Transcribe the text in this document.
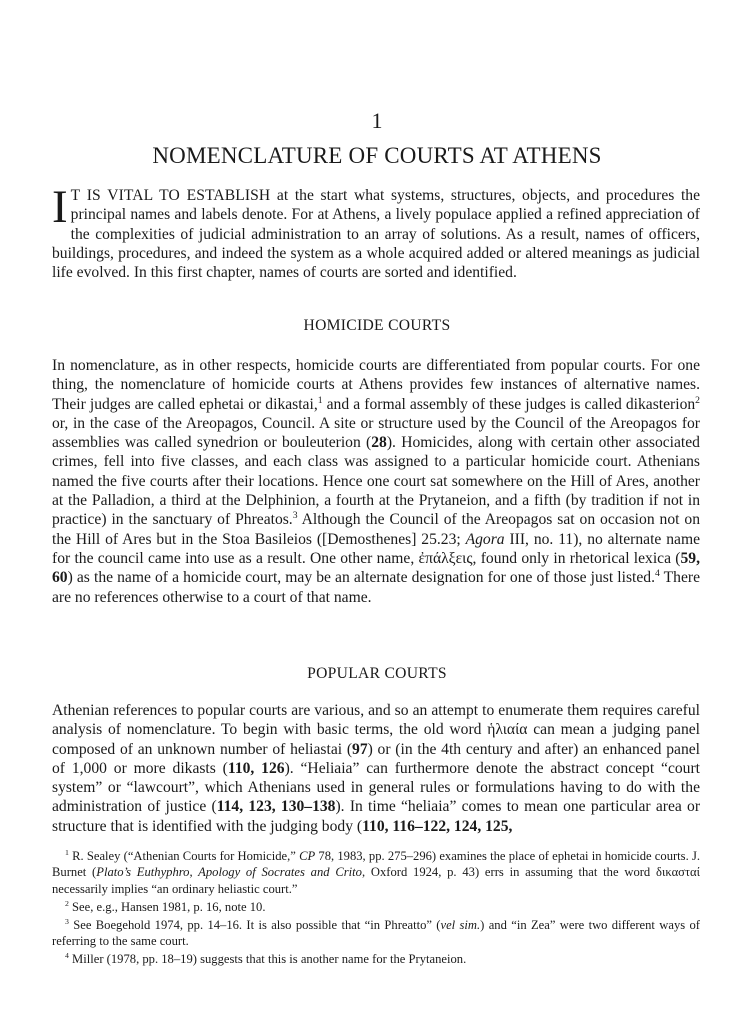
1
NOMENCLATURE OF COURTS AT ATHENS
I T IS VITAL TO ESTABLISH at the start what systems, structures, objects, and procedures the principal names and labels denote. For at Athens, a lively populace applied a refined appreciation of the complexities of judicial administration to an array of solutions. As a result, names of officers, buildings, procedures, and indeed the system as a whole acquired added or altered meanings as judicial life evolved. In this first chapter, names of courts are sorted and identified.
HOMICIDE COURTS
In nomenclature, as in other respects, homicide courts are differentiated from popular courts. For one thing, the nomenclature of homicide courts at Athens provides few instances of alternative names. Their judges are called ephetai or dikastai,$^1$ and a formal assembly of these judges is called dikasterion$^2$ or, in the case of the Areopagos, Council. A site or structure used by the Council of the Areopagos for assemblies was called synedrion or bouleuterion (28). Homicides, along with certain other associated crimes, fell into five classes, and each class was assigned to a particular homicide court. Athenians named the five courts after their locations. Hence one court sat somewhere on the Hill of Ares, another at the Palladion, a third at the Delphinion, a fourth at the Prytaneion, and a fifth (by tradition if not in practice) in the sanctuary of Phreatos.$^3$ Although the Council of the Areopagos sat on occasion not on the Hill of Ares but in the Stoa Basileios ([Demosthenes] 25.23; Agora III, no. 11), no alternate name for the council came into use as a result. One other name, ἐπάλξεις, found only in rhetorical lexica (59, 60) as the name of a homicide court, may be an alternate designation for one of those just listed.$^4$ There are no references otherwise to a court of that name.
POPULAR COURTS
Athenian references to popular courts are various, and so an attempt to enumerate them requires careful analysis of nomenclature. To begin with basic terms, the old word ἡλιαία can mean a judging panel composed of an unknown number of heliastai (97) or (in the 4th century and after) an enhanced panel of 1,000 or more dikasts (110, 126). “Heliaia” can furthermore denote the abstract concept “court system” or “lawcourt”, which Athenians used in general rules or formulations having to do with the administration of justice (114, 123, 130–138). In time “heliaia” comes to mean one particular area or structure that is identified with the judging body (110, 116–122, 124, 125,
$^1$ R. Sealey (“Athenian Courts for Homicide,” CP 78, 1983, pp. 275–296) examines the place of ephetai in homicide courts. J. Burnet (Plato’s Euthyphro, Apology of Socrates and Crito, Oxford 1924, p. 43) errs in assuming that the word δικασταί necessarily implies “an ordinary heliastic court.”
$^2$ See, e.g., Hansen 1981, p. 16, note 10.
$^3$ See Boegehold 1974, pp. 14–16. It is also possible that “in Phreatto” (vel sim.) and “in Zea” were two different ways of referring to the same court.
$^4$ Miller (1978, pp. 18–19) suggests that this is another name for the Prytaneion.
